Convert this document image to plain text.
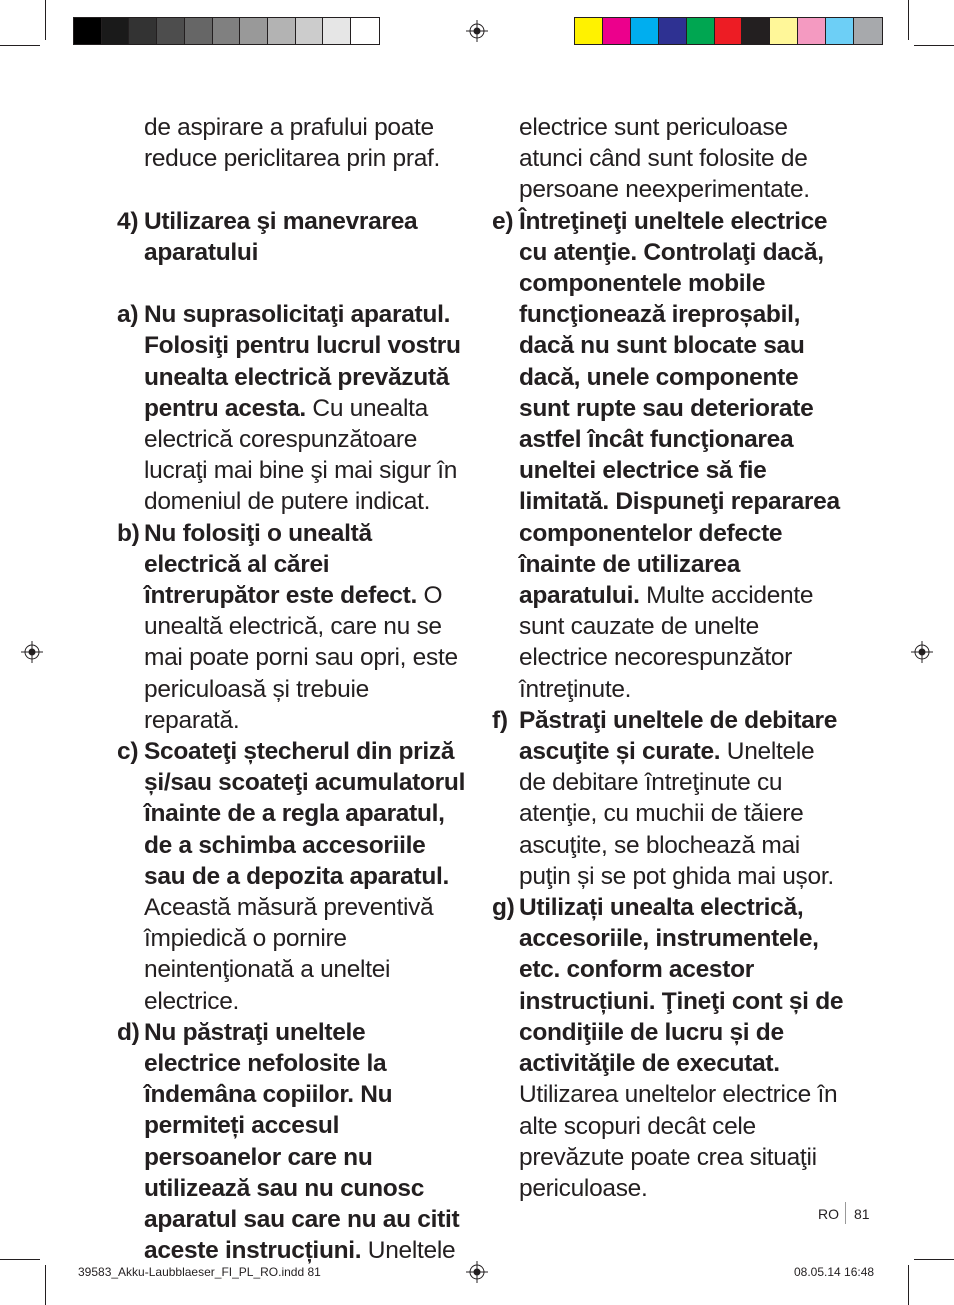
de aspirare a prafului poate reduce periclitarea prin praf.

4) Utilizarea şi manevrarea aparatului

a) Nu suprasolicitaţi aparatul. Folosiţi pentru lucrul vostru unealta electrică prevăzută pentru acesta. Cu unealta electrică corespunzătoare lucraţi mai bine şi mai sigur în domeniul de putere indicat.

b) Nu folosiţi o unealtă electrică al cărei întrerupător este defect. O unealtă electrică, care nu se mai poate porni sau opri, este periculoasă și trebuie reparată.

c) Scoateţi ștecherul din priză și/sau scoateţi acumulatorul înainte de a regla aparatul, de a schimba accesoriile sau de a depozita aparatul. Această măsură preventivă împiedică o pornire neintenţionată a uneltei electrice.

d) Nu păstraţi uneltele electrice nefolosite la îndemâna copiilor. Nu permiteți accesul persoanelor care nu utilizează sau nu cunosc aparatul sau care nu au citit aceste instrucțiuni. Uneltele

electrice sunt periculoase atunci când sunt folosite de persoane neexperimentate.

e) Întreţineţi uneltele electrice cu atenţie. Controlaţi dacă, componentele mobile funcţionează ireproșabil, dacă nu sunt blocate sau dacă, unele componente sunt rupte sau deteriorate astfel încât funcţionarea uneltei electrice să fie limitată. Dispuneţi repararea componentelor defecte înainte de utilizarea aparatului. Multe accidente sunt cauzate de unelte electrice necorespunzător întreţinute.

f) Păstraţi uneltele de debitare ascuţite și curate. Uneltele de debitare întreţinute cu atenţie, cu muchii de tăiere ascuţite, se blochează mai puţin și se pot ghida mai ușor.

g) Utilizați unealta electrică, accesoriile, instrumentele, etc. conform acestor instrucțiuni. Ţineţi cont și de condiţiile de lucru și de activităţile de executat. Utilizarea uneltelor electrice în alte scopuri decât cele prevăzute poate crea situaţii periculoase.

RO 81
39583_Akku-Laubblaeser_FI_PL_RO.indd 81	08.05.14 16:48
